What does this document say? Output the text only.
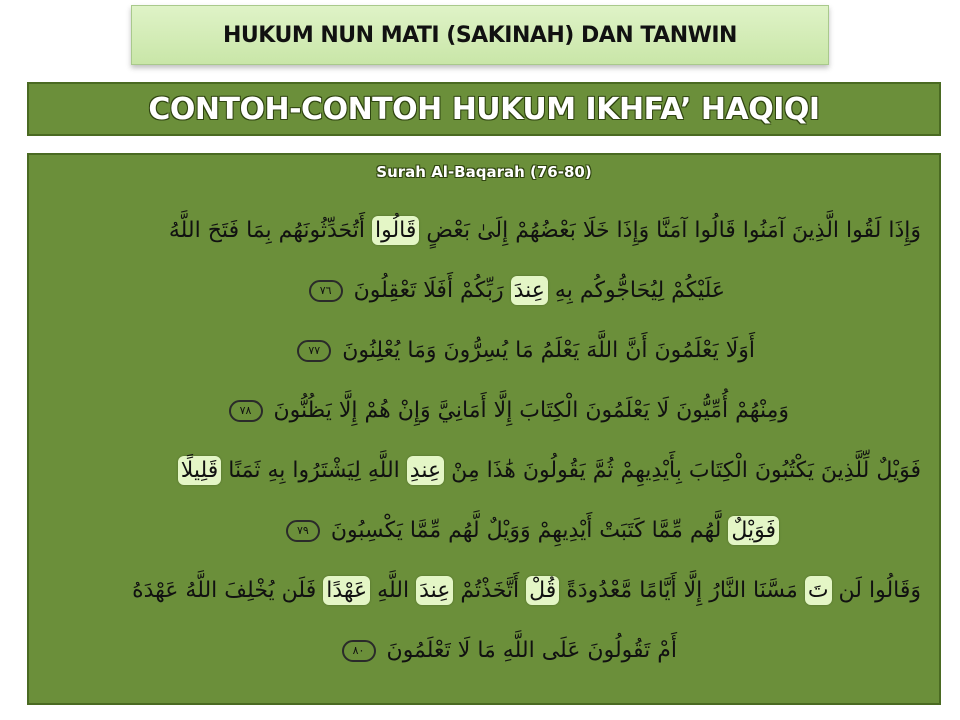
HUKUM NUN MATI (SAKINAH) DAN TANWIN
CONTOH-CONTOH HUKUM IKHFA’ HAQIQI
Surah Al-Baqarah (76-80)
وَإِذَا لَقُوا الَّذِينَ آمَنُوا قَالُوا آمَنَّا وَإِذَا خَلَا بَعْضُهُمْ إِلَىٰ بَعْضٍ قَالُوا أَتُحَدِّثُونَهُم بِمَا فَتَحَ اللَّهُ
عَلَيْكُمْ لِيُحَاجُّوكُم بِهِ عِندَ رَبِّكُمْ أَفَلَا تَعْقِلُونَ ٧٦
أَوَلَا يَعْلَمُونَ أَنَّ اللَّهَ يَعْلَمُ مَا يُسِرُّونَ وَمَا يُعْلِنُونَ ٧٧
وَمِنْهُمْ أُمِّيُّونَ لَا يَعْلَمُونَ الْكِتَابَ إِلَّا أَمَانِيَّ وَإِنْ هُمْ إِلَّا يَظُنُّونَ ٧٨
فَوَيْلٌ لِّلَّذِينَ يَكْتُبُونَ الْكِتَابَ بِأَيْدِيهِمْ ثُمَّ يَقُولُونَ هَٰذَا مِنْ عِندِ اللَّهِ لِيَشْتَرُوا بِهِ ثَمَنًا قَلِيلًا
فَوَيْلٌ لَّهُم مِّمَّا كَتَبَتْ أَيْدِيهِمْ وَوَيْلٌ لَّهُم مِّمَّا يَكْسِبُونَ ٧٩
وَقَالُوا لَن تَ مَسَّنَا النَّارُ إِلَّا أَيَّامًا مَّعْدُودَةً قُلْ أَتَّخَذْتُمْ عِندَ اللَّهِ عَهْدًا فَلَن يُخْلِفَ اللَّهُ عَهْدَهُ
أَمْ تَقُولُونَ عَلَى اللَّهِ مَا لَا تَعْلَمُونَ ٨٠
